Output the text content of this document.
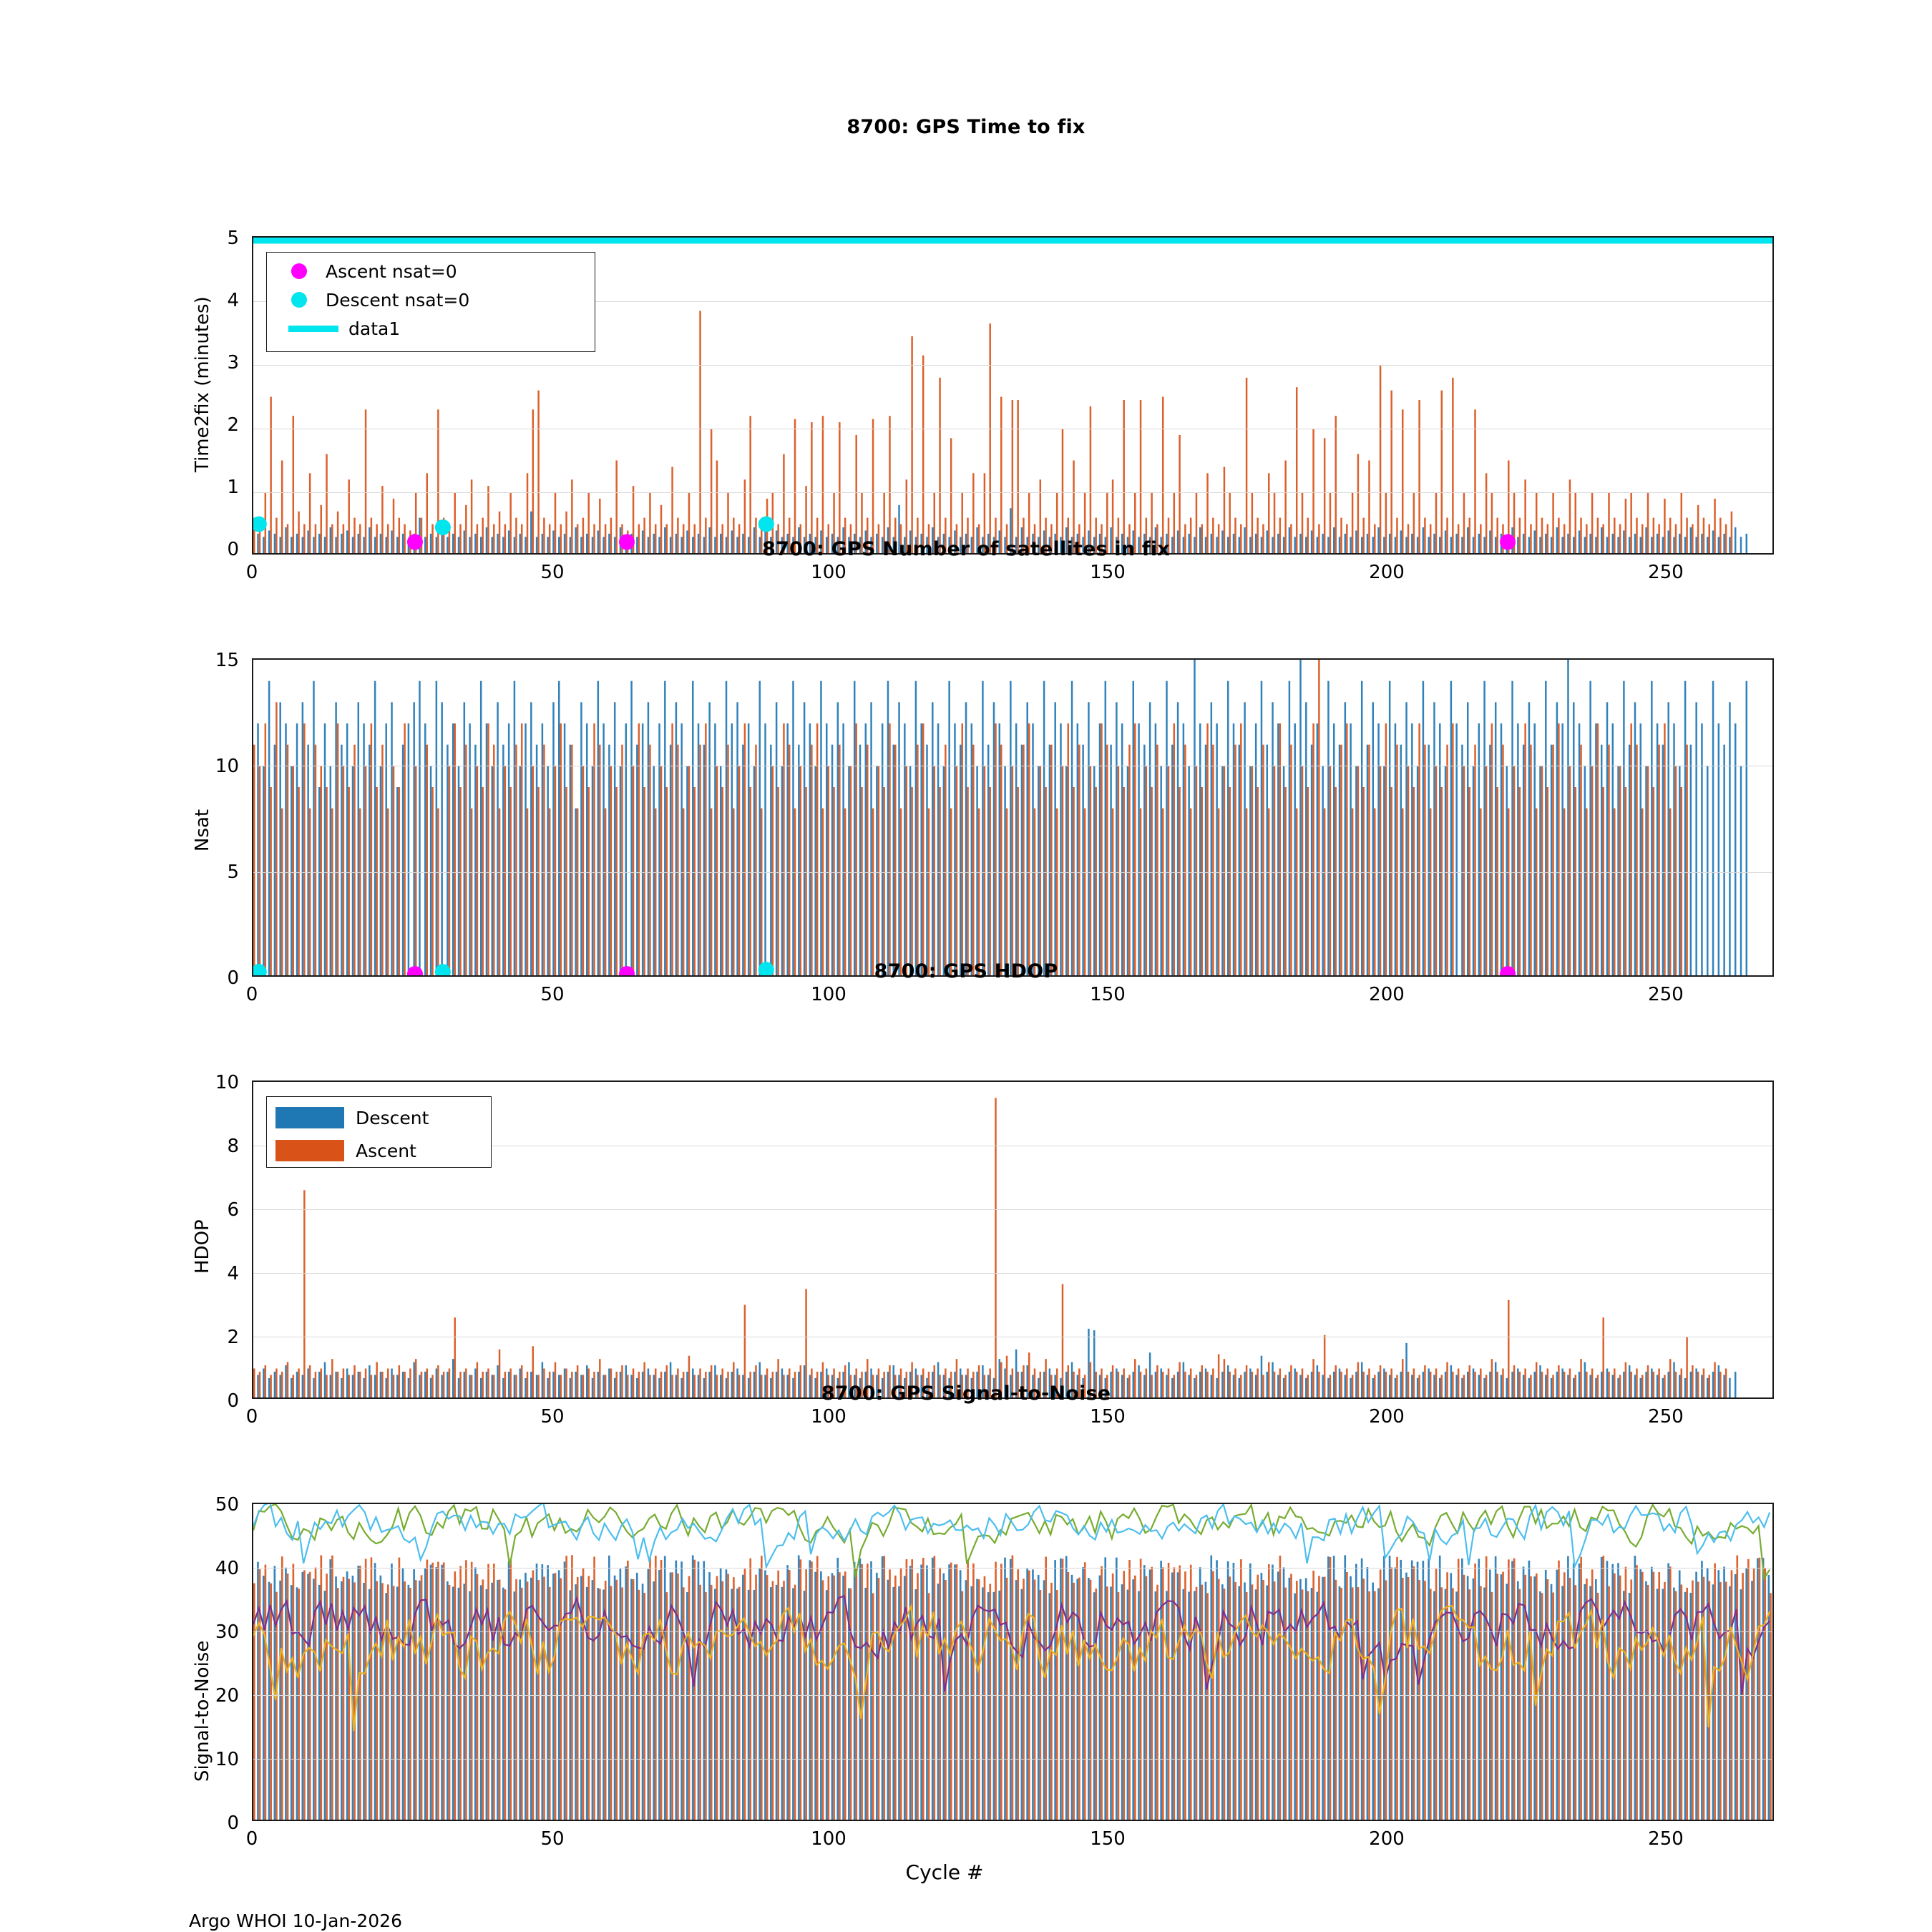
8700: GPS Time to fix
Time2fix (minutes)
5
4
3
2
1
0
Ascent nsat=0
Descent nsat=0
data1
0	50	100	150	200	250
8700: GPS Number of satellites in fix
Nsat
15
10
5
0
0	50	100	150	200	250
8700: GPS HDOP
HDOP
10
8
6
4
2
0
Descent
Ascent
0	50	100	150	200	250
8700: GPS Signal-to-Noise
Signal-to-Noise
50
40
30
20
10
0
0	50	100	150	200	250
Cycle #
Argo WHOI 10-Jan-2026
